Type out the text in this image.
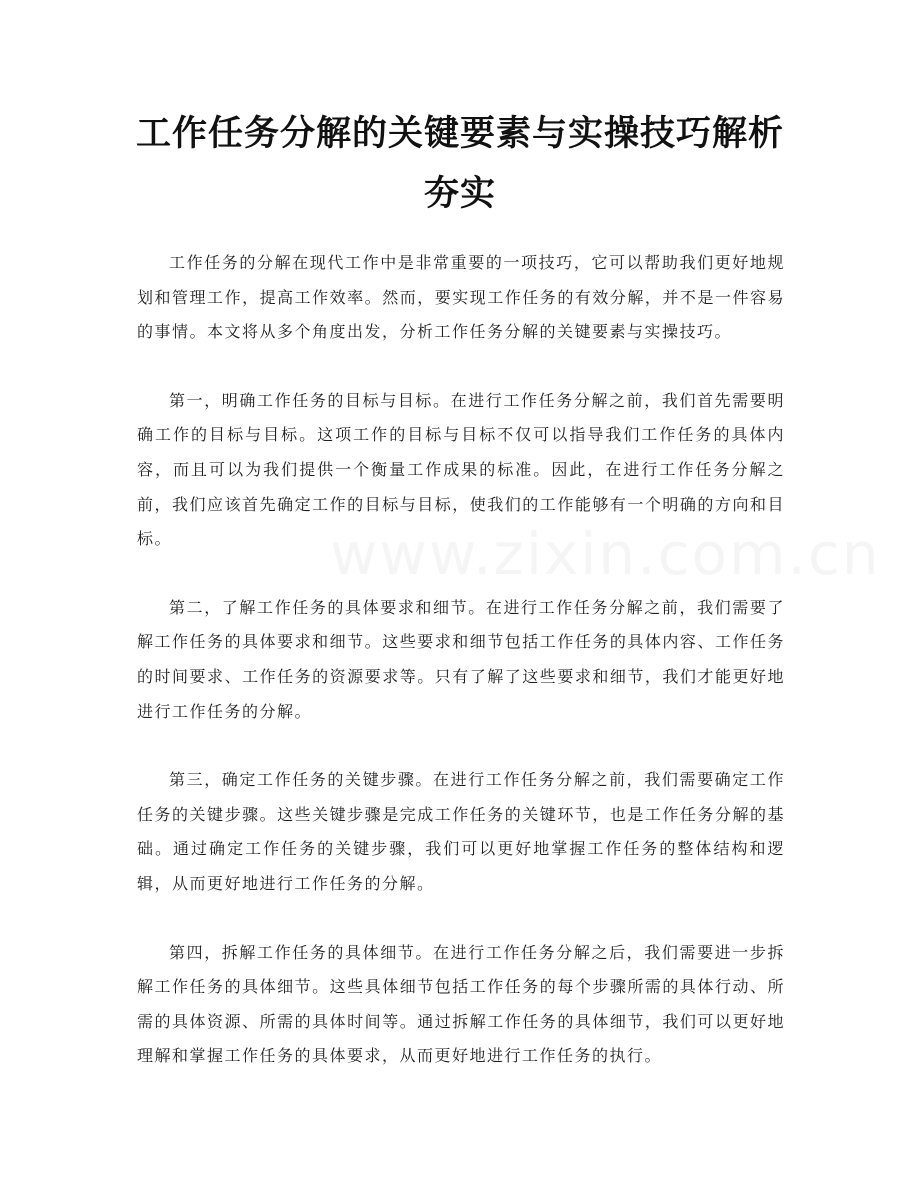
工作任务分解的关键要素与实操技巧解析夯实
www.zixin.com.cn

工作任务的分解在现代工作中是非常重要的一项技巧，它可以帮助我们更好地规划和管理工作，提高工作效率。然而，要实现工作任务的有效分解，并不是一件容易的事情。本文将从多个角度出发，分析工作任务分解的关键要素与实操技巧。

第一，明确工作任务的目标与目标。在进行工作任务分解之前，我们首先需要明确工作的目标与目标。这项工作的目标与目标不仅可以指导我们工作任务的具体内容，而且可以为我们提供一个衡量工作成果的标准。因此，在进行工作任务分解之前，我们应该首先确定工作的目标与目标，使我们的工作能够有一个明确的方向和目标。

第二，了解工作任务的具体要求和细节。在进行工作任务分解之前，我们需要了解工作任务的具体要求和细节。这些要求和细节包括工作任务的具体内容、工作任务的时间要求、工作任务的资源要求等。只有了解了这些要求和细节，我们才能更好地进行工作任务的分解。

第三，确定工作任务的关键步骤。在进行工作任务分解之前，我们需要确定工作任务的关键步骤。这些关键步骤是完成工作任务的关键环节，也是工作任务分解的基础。通过确定工作任务的关键步骤，我们可以更好地掌握工作任务的整体结构和逻辑，从而更好地进行工作任务的分解。

第四，拆解工作任务的具体细节。在进行工作任务分解之后，我们需要进一步拆解工作任务的具体细节。这些具体细节包括工作任务的每个步骤所需的具体行动、所需的具体资源、所需的具体时间等。通过拆解工作任务的具体细节，我们可以更好地理解和掌握工作任务的具体要求，从而更好地进行工作任务的执行。
